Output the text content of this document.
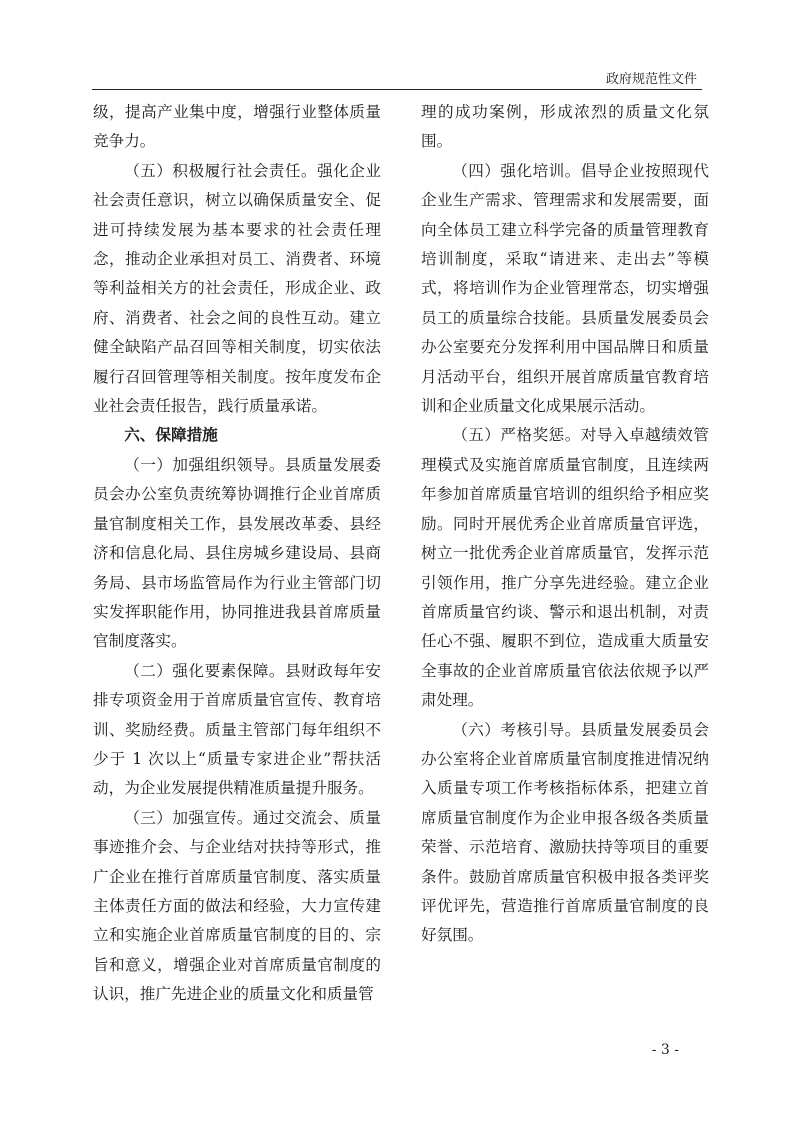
政府规范性文件

级，提高产业集中度，增强行业整体质量竞争力。

（五）积极履行社会责任。强化企业社会责任意识，树立以确保质量安全、促进可持续发展为基本要求的社会责任理念，推动企业承担对员工、消费者、环境等利益相关方的社会责任，形成企业、政府、消费者、社会之间的良性互动。建立健全缺陷产品召回等相关制度，切实依法履行召回管理等相关制度。按年度发布企业社会责任报告，践行质量承诺。

六、保障措施

（一）加强组织领导。县质量发展委员会办公室负责统筹协调推行企业首席质量官制度相关工作，县发展改革委、县经济和信息化局、县住房城乡建设局、县商务局、县市场监管局作为行业主管部门切实发挥职能作用，协同推进我县首席质量官制度落实。

（二）强化要素保障。县财政每年安排专项资金用于首席质量官宣传、教育培训、奖励经费。质量主管部门每年组织不少于 1 次以上“质量专家进企业”帮扶活动，为企业发展提供精准质量提升服务。

（三）加强宣传。通过交流会、质量事迹推介会、与企业结对扶持等形式，推广企业在推行首席质量官制度、落实质量主体责任方面的做法和经验，大力宣传建立和实施企业首席质量官制度的目的、宗旨和意义，增强企业对首席质量官制度的认识，推广先进企业的质量文化和质量管

理的成功案例，形成浓烈的质量文化氛围。

（四）强化培训。倡导企业按照现代企业生产需求、管理需求和发展需要，面向全体员工建立科学完备的质量管理教育培训制度，采取“请进来、走出去”等模式，将培训作为企业管理常态，切实增强员工的质量综合技能。县质量发展委员会办公室要充分发挥利用中国品牌日和质量月活动平台，组织开展首席质量官教育培训和企业质量文化成果展示活动。

（五）严格奖惩。对导入卓越绩效管理模式及实施首席质量官制度，且连续两年参加首席质量官培训的组织给予相应奖励。同时开展优秀企业首席质量官评选，树立一批优秀企业首席质量官，发挥示范引领作用，推广分享先进经验。建立企业首席质量官约谈、警示和退出机制，对责任心不强、履职不到位，造成重大质量安全事故的企业首席质量官依法依规予以严肃处理。

（六）考核引导。县质量发展委员会办公室将企业首席质量官制度推进情况纳入质量专项工作考核指标体系，把建立首席质量官制度作为企业申报各级各类质量荣誉、示范培育、激励扶持等项目的重要条件。鼓励首席质量官积极申报各类评奖评优评先，营造推行首席质量官制度的良好氛围。

- 3 -
